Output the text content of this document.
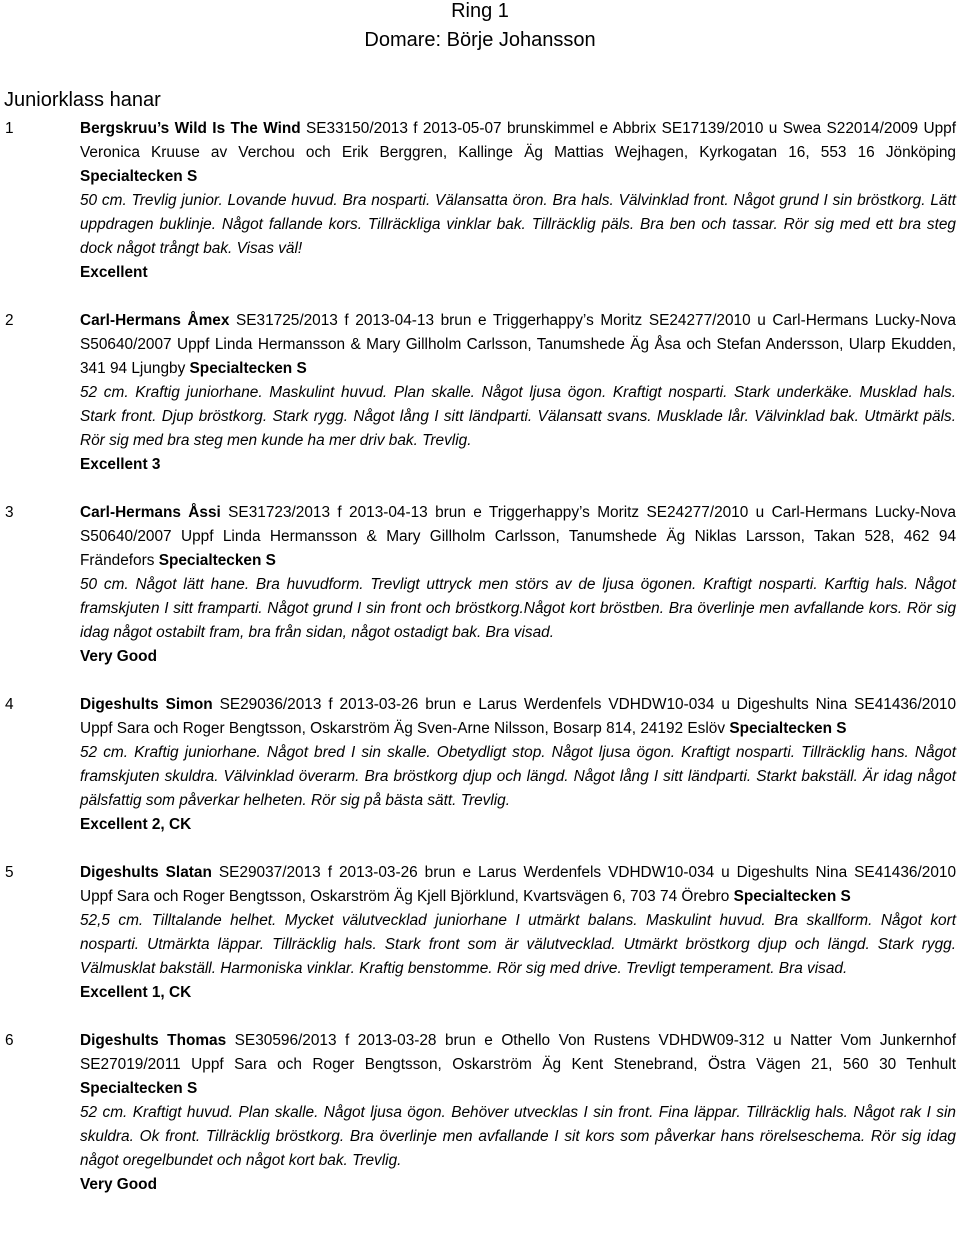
Ring 1
Domare: Börje Johansson
Juniorklass hanar
1	Bergskruu’s Wild Is The Wind SE33150/2013 f 2013-05-07 brunskimmel e Abbrix SE17139/2010 u Swea S22014/2009 Uppf Veronica Kruuse av Verchou och Erik Berggren, Kallinge Äg Mattias Wejhagen, Kyrkogatan 16, 553 16 Jönköping Specialtecken S

50 cm. Trevlig junior. Lovande huvud. Bra nosparti. Välansatta öron. Bra hals. Välvinklad front. Något grund I sin bröstkorg. Lätt uppdragen buklinje. Något fallande kors. Tillräckliga vinklar bak. Tillräcklig päls. Bra ben och tassar. Rör sig med ett bra steg dock något trångt bak. Visas väl!

Excellent

2	Carl-Hermans Åmex SE31725/2013 f 2013-04-13 brun e Triggerhappy’s Moritz SE24277/2010 u Carl-Hermans Lucky-Nova S50640/2007 Uppf Linda Hermansson & Mary Gillholm Carlsson, Tanumshede Äg Åsa och Stefan Andersson, Ularp Ekudden, 341 94 Ljungby Specialtecken S

52 cm. Kraftig juniorhane. Maskulint huvud. Plan skalle. Något ljusa ögon. Kraftigt nosparti. Stark underkäke. Musklad hals. Stark front. Djup bröstkorg. Stark rygg. Något lång I sitt ländparti. Välansatt svans. Musklade lår. Välvinklad bak. Utmärkt päls. Rör sig med bra steg men kunde ha mer driv bak. Trevlig.

Excellent 3

3	Carl-Hermans Åssi SE31723/2013 f 2013-04-13 brun e Triggerhappy’s Moritz SE24277/2010 u Carl-Hermans Lucky-Nova S50640/2007 Uppf Linda Hermansson & Mary Gillholm Carlsson, Tanumshede Äg Niklas Larsson, Takan 528, 462 94 Frändefors Specialtecken S

50 cm. Något lätt hane. Bra huvudform. Trevligt uttryck men störs av de ljusa ögonen. Kraftigt nosparti. Karftig hals. Något framskjuten I sitt framparti. Något grund I sin front och bröstkorg.Något kort bröstben. Bra överlinje men avfallande kors. Rör sig idag något ostabilt fram, bra från sidan, något ostadigt bak. Bra visad.

Very Good

4	Digeshults Simon SE29036/2013 f 2013-03-26 brun e Larus Werdenfels VDHDW10-034 u Digeshults Nina SE41436/2010 Uppf Sara och Roger Bengtsson, Oskarström Äg Sven-Arne Nilsson, Bosarp 814, 24192 Eslöv Specialtecken S

52 cm. Kraftig juniorhane. Något bred I sin skalle. Obetydligt stop. Något ljusa ögon. Kraftigt nosparti. Tillräcklig hans. Något framskjuten skuldra. Välvinklad överarm. Bra bröstkorg djup och längd. Något lång I sitt ländparti. Starkt bakställ. Är idag något pälsfattig som påverkar helheten. Rör sig på bästa sätt. Trevlig.

Excellent 2, CK

5	Digeshults Slatan SE29037/2013 f 2013-03-26 brun e Larus Werdenfels VDHDW10-034 u Digeshults Nina SE41436/2010 Uppf Sara och Roger Bengtsson, Oskarström Äg Kjell Björklund, Kvartsvägen 6, 703 74 Örebro Specialtecken S

52,5 cm. Tilltalande helhet. Mycket välutvecklad juniorhane I utmärkt balans. Maskulint huvud. Bra skallform. Något kort nosparti. Utmärkta läppar. Tillräcklig hals. Stark front som är välutvecklad. Utmärkt bröstkorg djup och längd. Stark rygg. Välmusklat bakställ. Harmoniska vinklar. Kraftig benstomme. Rör sig med drive. Trevligt temperament. Bra visad.

Excellent 1, CK

6	Digeshults Thomas SE30596/2013 f 2013-03-28 brun e Othello Von Rustens VDHDW09-312 u Natter Vom Junkernhof SE27019/2011 Uppf Sara och Roger Bengtsson, Oskarström Äg Kent Stenebrand, Östra Vägen 21, 560 30 Tenhult Specialtecken S

52 cm. Kraftigt huvud. Plan skalle. Något ljusa ögon. Behöver utvecklas I sin front. Fina läppar. Tillräcklig hals. Något rak I sin skuldra. Ok front. Tillräcklig bröstkorg. Bra överlinje men avfallande I sit kors som påverkar hans rörelseschema. Rör sig idag något oregelbundet och något kort bak. Trevlig.

Very Good
